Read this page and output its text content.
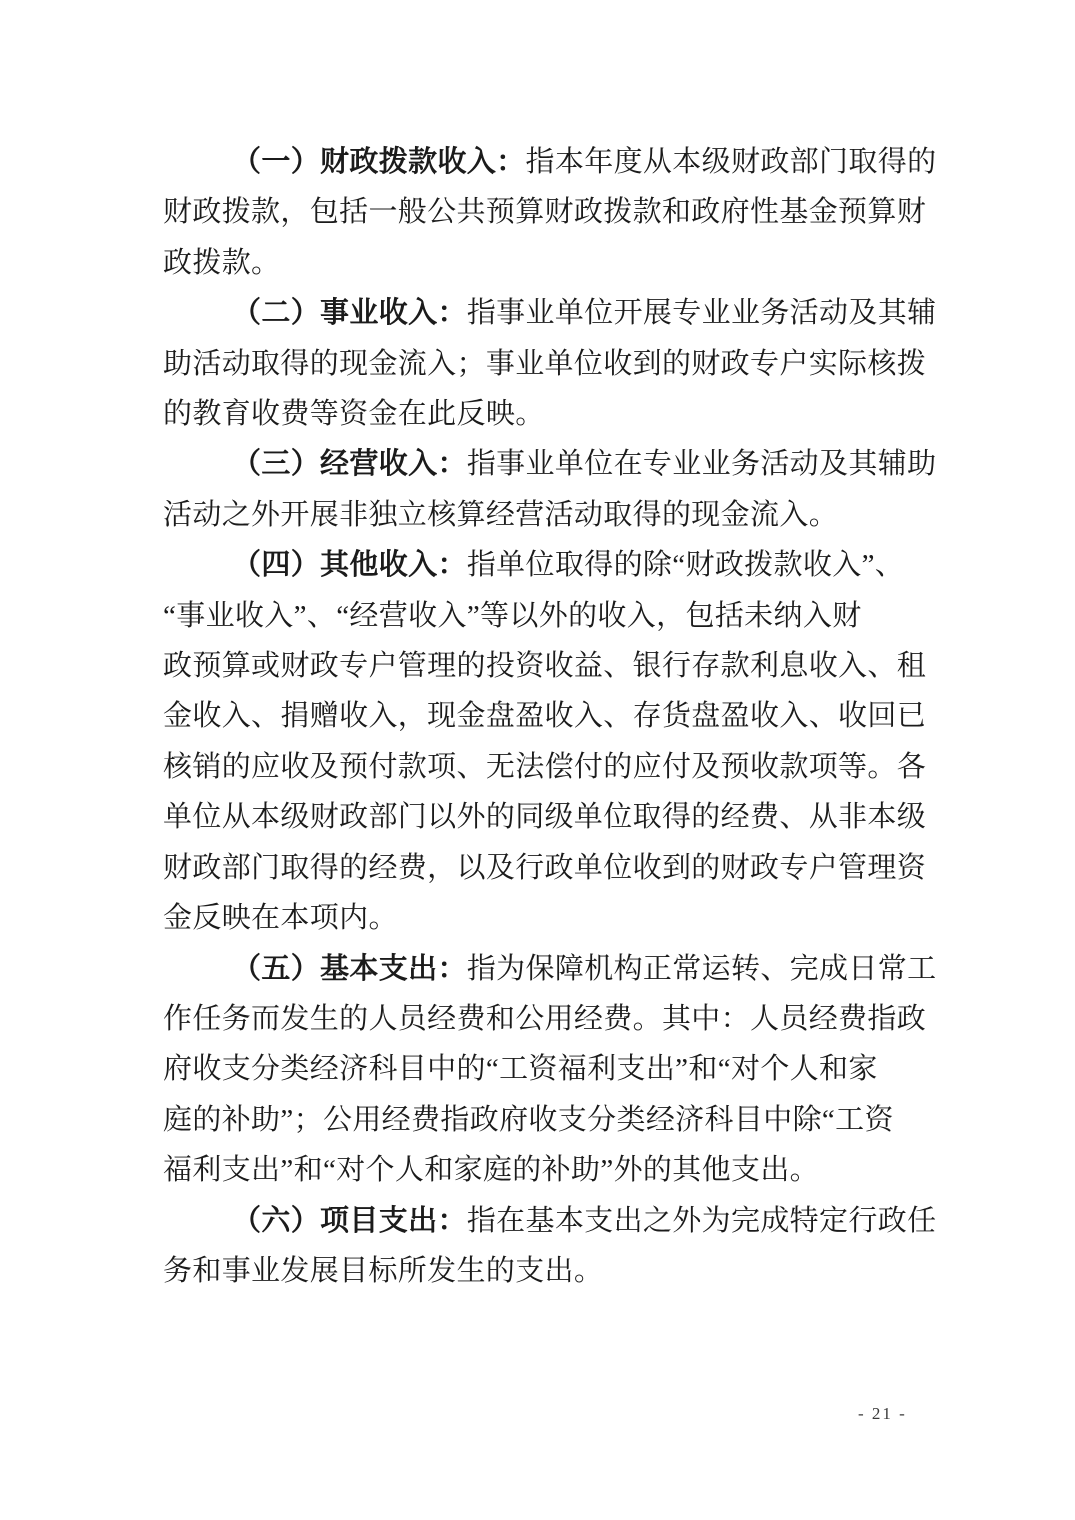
（一）财政拨款收入：指本年度从本级财政部门取得的
财政拨款，包括一般公共预算财政拨款和政府性基金预算财
政拨款。
（二）事业收入：指事业单位开展专业业务活动及其辅
助活动取得的现金流入；事业单位收到的财政专户实际核拨
的教育收费等资金在此反映。
（三）经营收入：指事业单位在专业业务活动及其辅助
活动之外开展非独立核算经营活动取得的现金流入。
（四）其他收入：指单位取得的除“财政拨款收入”、
“事业收入”、“经营收入”等以外的收入，包括未纳入财
政预算或财政专户管理的投资收益、银行存款利息收入、租
金收入、捐赠收入，现金盘盈收入、存货盘盈收入、收回已
核销的应收及预付款项、无法偿付的应付及预收款项等。各
单位从本级财政部门以外的同级单位取得的经费、从非本级
财政部门取得的经费，以及行政单位收到的财政专户管理资
金反映在本项内。
（五）基本支出：指为保障机构正常运转、完成日常工
作任务而发生的人员经费和公用经费。其中：人员经费指政
府收支分类经济科目中的“工资福利支出”和“对个人和家
庭的补助”；公用经费指政府收支分类经济科目中除“工资
福利支出”和“对个人和家庭的补助”外的其他支出。
（六）项目支出：指在基本支出之外为完成特定行政任
务和事业发展目标所发生的支出。
- 21 -
